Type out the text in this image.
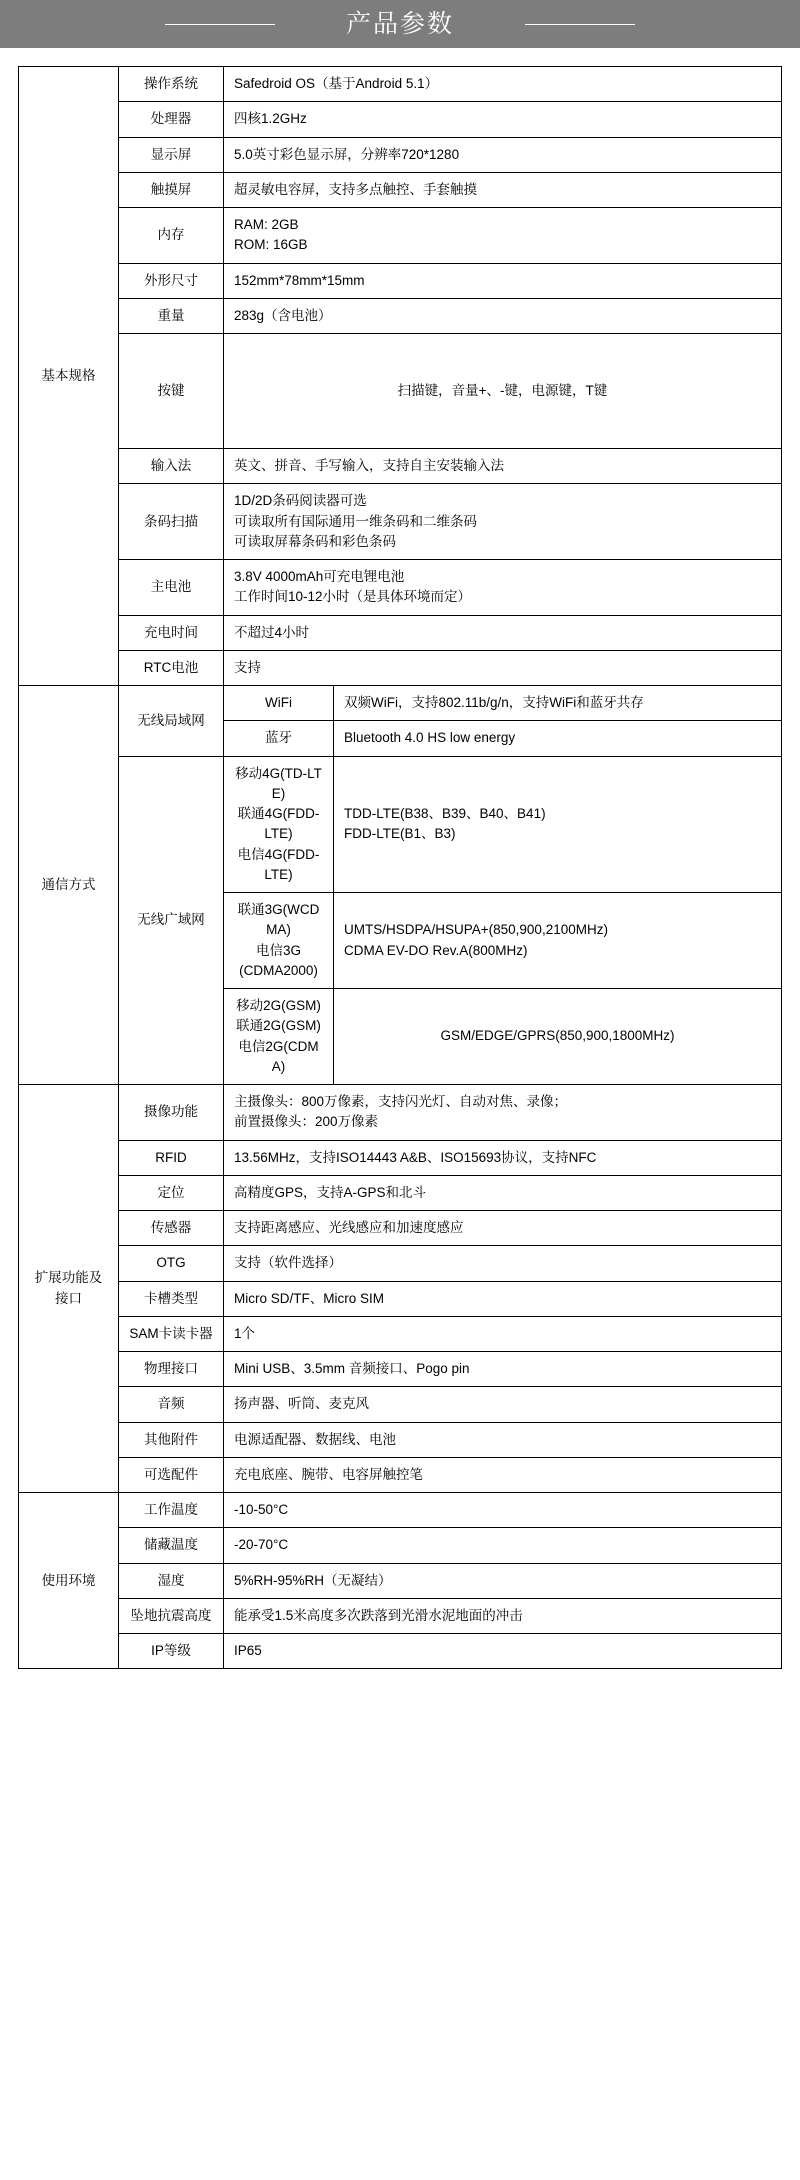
产品参数
基本规格	操作系统	Safedroid OS（基于Android 5.1）	
	处理器	四核1.2GHz	
	显示屏	5.0英寸彩色显示屏，分辨率720*1280	
	触摸屏	超灵敏电容屏，支持多点触控、手套触摸	
	内存	RAM: 2GB
ROM: 16GB	

	外形尺寸	152mm*78mm*15mm	
	重量	283g（含电池）	
	按键	扫描键，音量+、-键，电源键，T键	
	输入法	英文、拼音、手写输入，支持自主安装输入法	
	条码扫描	1D/2D条码阅读器可选
可读取所有国际通用一维条码和二维条码
可读取屏幕条码和彩色条码	

	主电池	3.8V 4000mAh可充电锂电池
工作时间10-12小时（是具体环境而定）	

	充电时间	不超过4小时	
	RTC电池	支持	
通信方式	无线局域网	WiFi	双频WiFi，支持802.11b/g/n，支持WiFi和蓝牙共存
		蓝牙	Bluetooth 4.0 HS low energy
	无线广域网	移动4G(TD-LTE)
联通4G(FDD-LTE)
电信4G(FDD-LTE)	TDD-LTE(B38、B39、B40、B41)
FDD-LTE(B1、B3)

		联通3G(WCDMA)
电信3G
(CDMA2000)	UMTS/HSDPA/HSUPA+(850,900,2100MHz)
CDMA EV-DO Rev.A(800MHz)

		移动2G(GSM)
联通2G(GSM)
电信2G(CDMA)	GSM/EDGE/GPRS(850,900,1800MHz)

扩展功能及接口	摄像功能	主摄像头：800万像素，支持闪光灯、自动对焦、录像；
前置摄像头：200万像素	

	RFID	13.56MHz，支持ISO14443 A&B、ISO15693协议，支持NFC	
	定位	高精度GPS，支持A-GPS和北斗	
	传感器	支持距离感应、光线感应和加速度感应	
	OTG	支持（软件选择）	
	卡槽类型	Micro SD/TF、Micro SIM	
	SAM卡读卡器	1个	
	物理接口	Mini USB、3.5mm 音频接口、Pogo pin	
	音频	扬声器、听筒、麦克风	
	其他附件	电源适配器、数据线、电池	
	可选配件	充电底座、腕带、电容屏触控笔	
使用环境	工作温度	-10-50°C	
	储藏温度	-20-70°C	
	湿度	5%RH-95%RH（无凝结）	
	坠地抗震高度	能承受1.5米高度多次跌落到光滑水泥地面的冲击	
	IP等级	IP65	
